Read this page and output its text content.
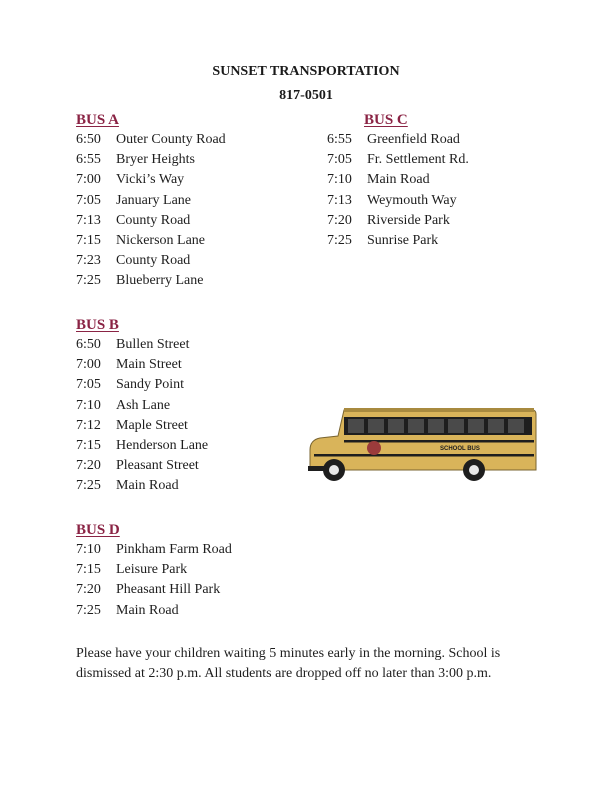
SUNSET TRANSPORTATION
817-0501
BUS A
6:50 Outer County Road
6:55 Bryer Heights
7:00 Vicki’s Way
7:05 January Lane
7:13 County Road
7:15 Nickerson Lane
7:23 County Road
7:25 Blueberry Lane
BUS C
6:55 Greenfield Road
7:05 Fr. Settlement Rd.
7:10 Main Road
7:13 Weymouth Way
7:20 Riverside Park
7:25 Sunrise Park
BUS B
6:50 Bullen Street
7:00 Main Street
7:05 Sandy Point
7:10 Ash Lane
7:12 Maple Street
7:15 Henderson Lane
7:20 Pleasant Street
7:25 Main Road
BUS D
7:10 Pinkham Farm Road
7:15 Leisure Park
7:20 Pheasant Hill Park
7:25 Main Road
SCHOOL BUS

Please have your children waiting 5 minutes early in the morning. School is dismissed at 2:30 p.m. All students are dropped off no later than 3:00 p.m.
